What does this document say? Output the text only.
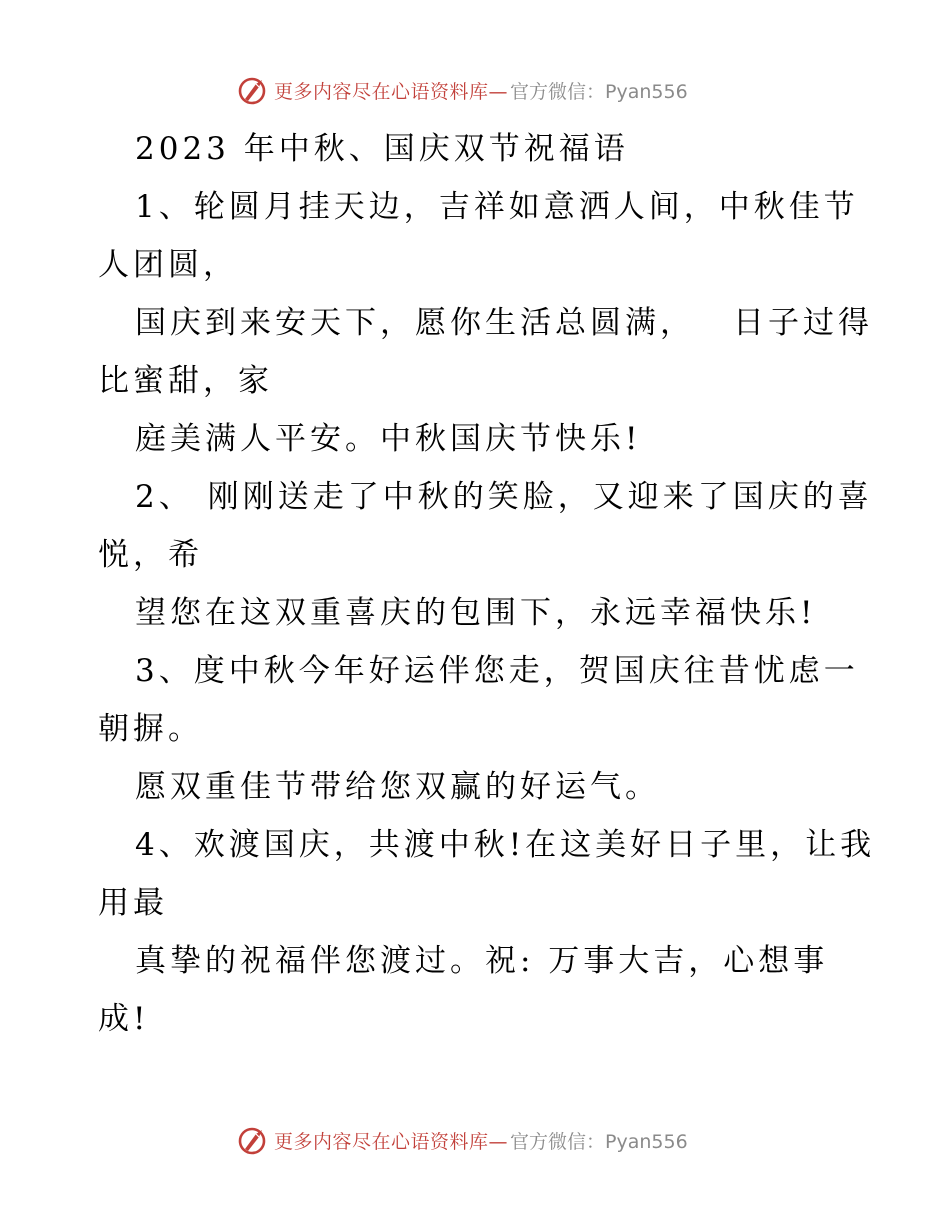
更多内容尽在心语资料库— 官方微信：Pyan556

2023 年中秋、国庆双节祝福语

1、轮圆月挂天边，吉祥如意洒人间，中秋佳节

人团圆，

国庆到来安天下，愿你生活总圆满， 日子过得

比蜜甜，家

庭美满人平安。中秋国庆节快乐!

2、 刚刚送走了中秋的笑脸，又迎来了国庆的喜

悦，希

望您在这双重喜庆的包围下，永远幸福快乐!

3、度中秋今年好运伴您走，贺国庆往昔忧虑一

朝摒。

愿双重佳节带给您双赢的好运气。

4、欢渡国庆，共渡中秋!在这美好日子里，让我

用最

真挚的祝福伴您渡过。祝: 万事大吉，心想事

成!

更多内容尽在心语资料库— 官方微信：Pyan556
